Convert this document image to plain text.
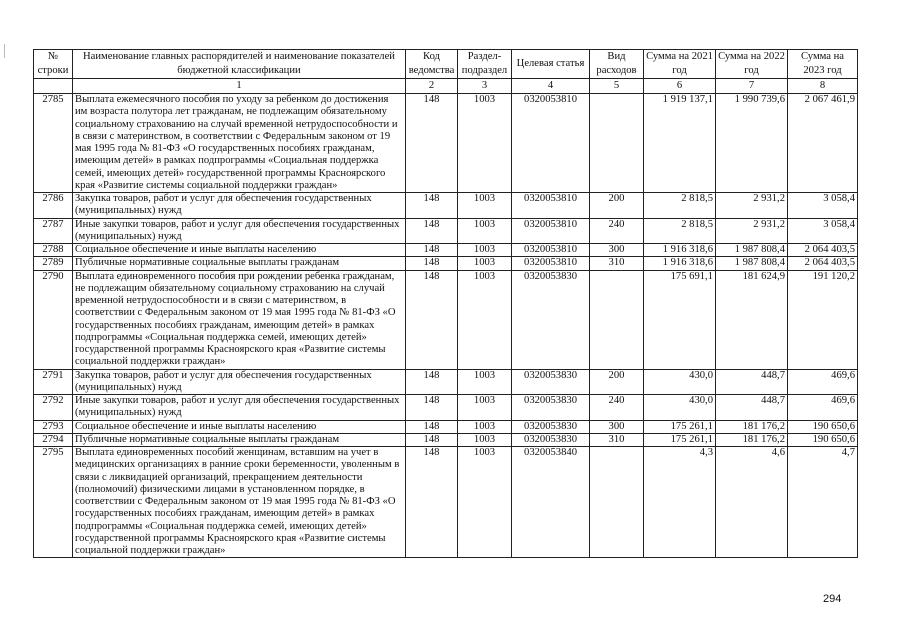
№ строки	Наименование главных распорядителей и наименование показателей бюджетной классификации	Код ведомства	Раздел-подраздел	Целевая статья	Вид расходов	Сумма на 2021 год	Сумма на 2022 год	Сумма на 2023 год
	1	2	3	4	5	6	7	8
2785	Выплата ежемесячного пособия по уходу за ребенком до достижения им возраста полутора лет гражданам, не подлежащим обязательному социальному страхованию на случай временной нетрудоспособности и в связи с материнством, в соответствии с Федеральным законом от 19 мая 1995 года № 81-ФЗ «О государственных пособиях гражданам, имеющим детей» в рамках подпрограммы «Социальная поддержка семей, имеющих детей» государственной программы Красноярского края «Развитие системы социальной поддержки граждан»	148	1003	0320053810		1 919 137,1	1 990 739,6	2 067 461,9
2786	Закупка товаров, работ и услуг для обеспечения государственных (муниципальных) нужд	148	1003	0320053810	200	2 818,5	2 931,2	3 058,4
2787	Иные закупки товаров, работ и услуг для обеспечения государственных (муниципальных) нужд	148	1003	0320053810	240	2 818,5	2 931,2	3 058,4
2788	Социальное обеспечение и иные выплаты населению	148	1003	0320053810	300	1 916 318,6	1 987 808,4	2 064 403,5
2789	Публичные нормативные социальные выплаты гражданам	148	1003	0320053810	310	1 916 318,6	1 987 808,4	2 064 403,5
2790	Выплата единовременного пособия при рождении ребенка гражданам, не подлежащим обязательному социальному страхованию на случай временной нетрудоспособности и в связи с материнством, в соответствии с Федеральным законом от 19 мая 1995 года № 81-ФЗ «О государственных пособиях гражданам, имеющим детей» в рамках подпрограммы «Социальная поддержка семей, имеющих детей» государственной программы Красноярского края «Развитие системы социальной поддержки граждан»	148	1003	0320053830		175 691,1	181 624,9	191 120,2
2791	Закупка товаров, работ и услуг для обеспечения государственных (муниципальных) нужд	148	1003	0320053830	200	430,0	448,7	469,6
2792	Иные закупки товаров, работ и услуг для обеспечения государственных (муниципальных) нужд	148	1003	0320053830	240	430,0	448,7	469,6
2793	Социальное обеспечение и иные выплаты населению	148	1003	0320053830	300	175 261,1	181 176,2	190 650,6
2794	Публичные нормативные социальные выплаты гражданам	148	1003	0320053830	310	175 261,1	181 176,2	190 650,6
2795	Выплата единовременных пособий женщинам, вставшим на учет в медицинских организациях в ранние сроки беременности, уволенным в связи с ликвидацией организаций, прекращением деятельности (полномочий) физическими лицами в установленном порядке, в соответствии с Федеральным законом от 19 мая 1995 года № 81-ФЗ «О государственных пособиях гражданам, имеющим детей» в рамках подпрограммы «Социальная поддержка семей, имеющих детей» государственной программы Красноярского края «Развитие системы социальной поддержки граждан»	148	1003	0320053840		4,3	4,6	4,7
294
